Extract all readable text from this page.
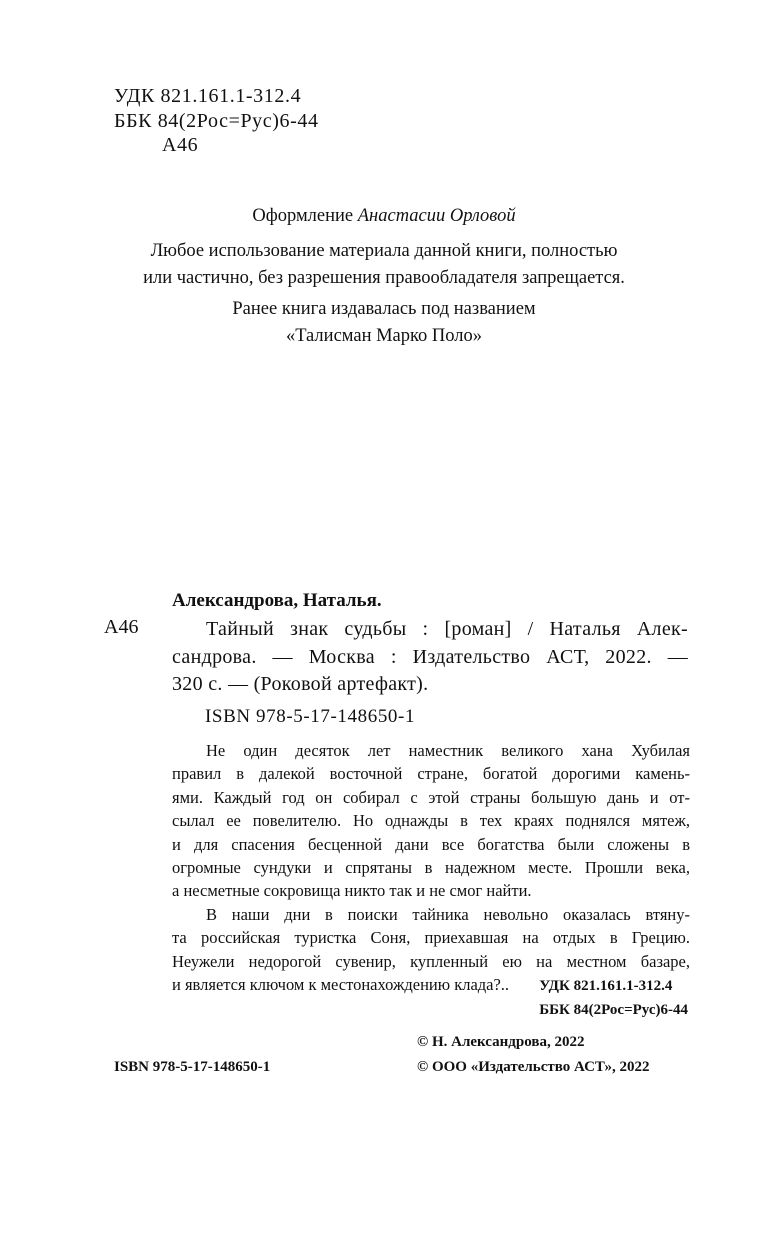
УДК 821.161.1-312.4
ББК 84(2Рос=Рус)6-44
А46
Оформление Анастасии Орловой
Любое использование материала данной книги, полностью
или частично, без разрешения правообладателя запрещается.
Ранее книга издавалась под названием
«Талисман Марко Поло»
Александрова, Наталья.
А46	Тайный знак судьбы : [роман] / Наталья Алек-
сандрова. — Москва : Издательство АСТ, 2022. —
320 с. — (Роковой артефакт).
ISBN 978-5-17-148650-1
Не один десяток лет наместник великого хана Хубилая
правил в далекой восточной стране, богатой дорогими камень-
ями. Каждый год он собирал с этой страны большую дань и от-
сылал ее повелителю. Но однажды в тех краях поднялся мятеж,
и для спасения бесценной дани все богатства были сложены в
огромные сундуки и спрятаны в надежном месте. Прошли века,
а несметные сокровища никто так и не смог найти.
В наши дни в поиски тайника невольно оказалась втяну-
та российская туристка Соня, приехавшая на отдых в Грецию.
Неужели недорогой сувенир, купленный ею на местном базаре,
и является ключом к местонахождению клада?..	УДК 821.161.1-312.4
ББК 84(2Рос=Рус)6-44
© Н. Александрова, 2022
© ООО «Издательство АСТ», 2022
ISBN 978-5-17-148650-1
